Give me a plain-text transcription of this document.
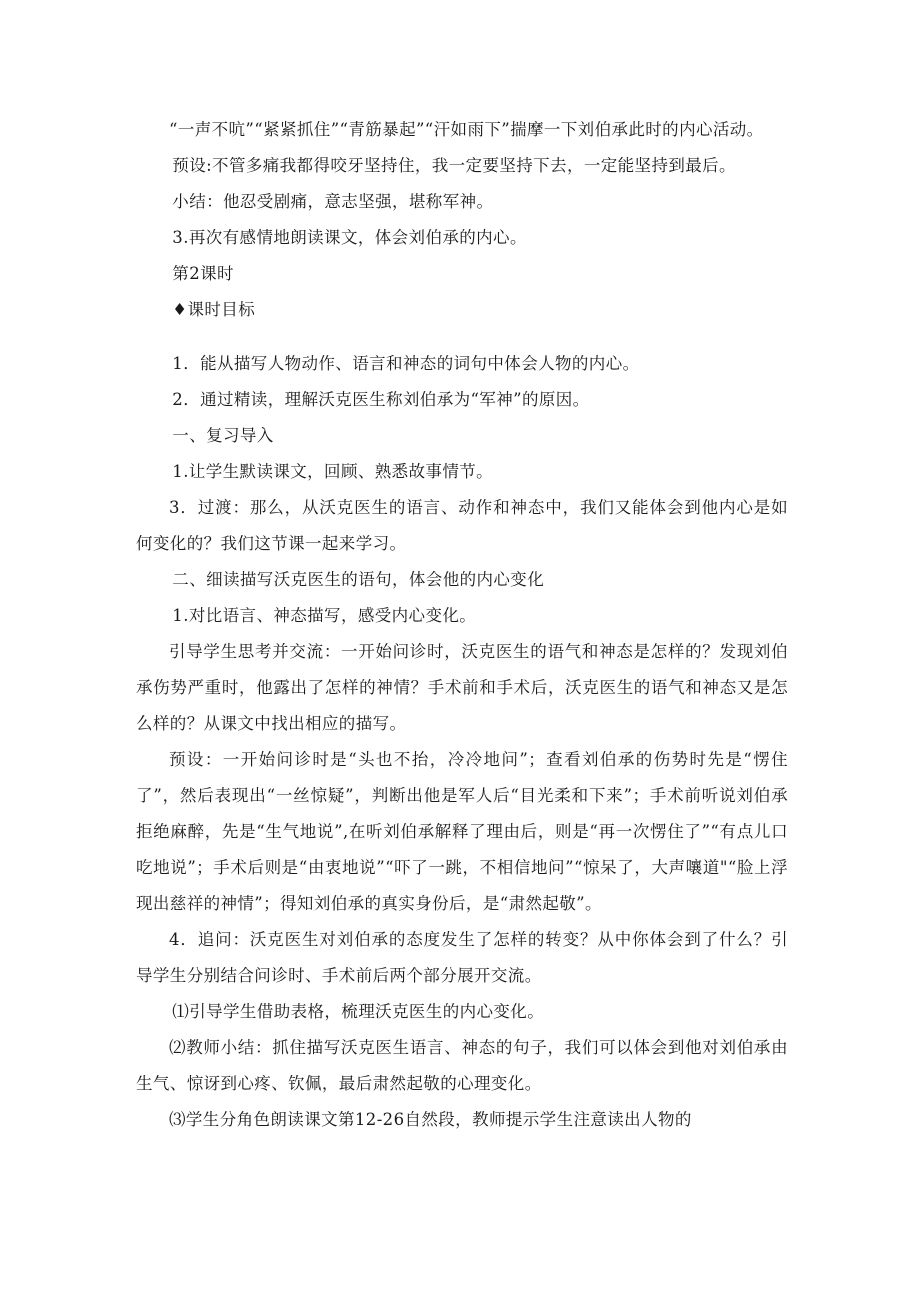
“一声不吭”“紧紧抓住”“青筋暴起”“汗如雨下”揣摩一下刘伯承此时的内心活动。

预设:不管多痛我都得咬牙坚持住，我一定要坚持下去，一定能坚持到最后。

小结：他忍受剧痛，意志坚强，堪称军神。

3.再次有感情地朗读课文，体会刘伯承的内心。

第2课时

♦课时目标

1．能从描写人物动作、语言和神态的词句中体会人物的内心。

2．通过精读，理解沃克医生称刘伯承为“军神”的原因。

一、复习导入

1.让学生默读课文，回顾、熟悉故事情节。

3．过渡：那么，从沃克医生的语言、动作和神态中，我们又能体会到他内心是如何变化的？我们这节课一起来学习。

二、细读描写沃克医生的语句，体会他的内心变化

1.对比语言、神态描写，感受内心变化。

引导学生思考并交流：一开始问诊时，沃克医生的语气和神态是怎样的？发现刘伯承伤势严重时，他露出了怎样的神情？手术前和手术后，沃克医生的语气和神态又是怎么样的？从课文中找出相应的描写。

预设：一开始问诊时是“头也不抬，冷冷地问”；查看刘伯承的伤势时先是“愣住了”，然后表现出“一丝惊疑”，判断出他是军人后“目光柔和下来”；手术前听说刘伯承拒绝麻醉，先是“生气地说”,在听刘伯承解释了理由后，则是“再一次愣住了”“有点儿口吃地说”；手术后则是“由衷地说”“吓了一跳，不相信地问”“惊呆了，大声嚷道"“脸上浮现出慈祥的神情”；得知刘伯承的真实身份后，是“肃然起敬”。

4．追问：沃克医生对刘伯承的态度发生了怎样的转变？从中你体会到了什么？引导学生分别结合问诊时、手术前后两个部分展开交流。

⑴引导学生借助表格，梳理沃克医生的内心变化。

⑵教师小结：抓住描写沃克医生语言、神态的句子，我们可以体会到他对刘伯承由生气、惊讶到心疼、钦佩，最后肃然起敬的心理变化。

⑶学生分角色朗读课文第12-26自然段，教师提示学生注意读出人物的
